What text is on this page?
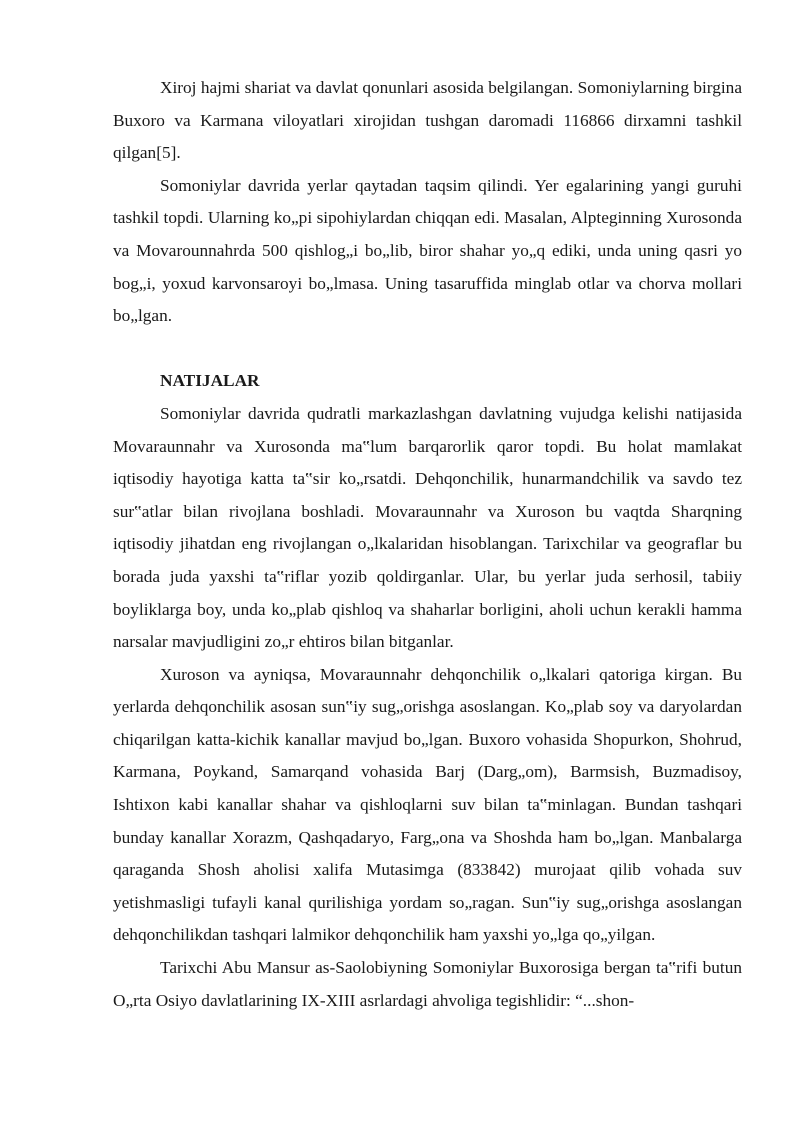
Xiroj hajmi shariat va davlat qonunlari asosida belgilangan. Somoniylarning birgina Buxoro va Karmana viloyatlari xirojidan tushgan daromadi 116866 dirxamni tashkil qilgan[5].

Somoniylar davrida yerlar qaytadan taqsim qilindi. Yer egalarining yangi guruhi tashkil topdi. Ularning ko„pi sipohiylardan chiqqan edi. Masalan, Alpteginning Xurosonda va Movarounnahrda 500 qishlog„i bo„lib, biror shahar yo„q ediki, unda uning qasri yo bog„i, yoxud karvonsaroyi bo„lmasa. Uning tasaruffida minglab otlar va chorva mollari bo„lgan.

NATIJALAR

Somoniylar davrida qudratli markazlashgan davlatning vujudga kelishi natijasida Movaraunnahr va Xurosonda ma‟lum barqarorlik qaror topdi. Bu holat mamlakat iqtisodiy hayotiga katta ta‟sir ko„rsatdi. Dehqonchilik, hunarmandchilik va savdo tez sur‟atlar bilan rivojlana boshladi. Movaraunnahr va Xuroson bu vaqtda Sharqning iqtisodiy jihatdan eng rivojlangan o„lkalaridan hisoblangan. Tarixchilar va geograflar bu borada juda yaxshi ta‟riflar yozib qoldirganlar. Ular, bu yerlar juda serhosil, tabiiy boyliklarga boy, unda ko„plab qishloq va shaharlar borligini, aholi uchun kerakli hamma narsalar mavjudligini zo„r ehtiros bilan bitganlar.

Xuroson va ayniqsa, Movaraunnahr dehqonchilik o„lkalari qatoriga kirgan. Bu yerlarda dehqonchilik asosan sun‟iy sug„orishga asoslangan. Ko„plab soy va daryolardan chiqarilgan katta-kichik kanallar mavjud bo„lgan. Buxoro vohasida Shopurkon, Shohrud, Karmana, Poykand, Samarqand vohasida Barj (Darg„om), Barmsish, Buzmadisoy, Ishtixon kabi kanallar shahar va qishloqlarni suv bilan ta‟minlagan. Bundan tashqari bunday kanallar Xorazm, Qashqadaryo, Farg„ona va Shoshda ham bo„lgan. Manbalarga qaraganda Shosh aholisi xalifa Mutasimga (833842) murojaat qilib vohada suv yetishmasligi tufayli kanal qurilishiga yordam so„ragan. Sun‟iy sug„orishga asoslangan dehqonchilikdan tashqari lalmikor dehqonchilik ham yaxshi yo„lga qo„yilgan.

Tarixchi Abu Mansur as-Saolobiyning Somoniylar Buxorosiga bergan ta‟rifi butun O„rta Osiyo davlatlarining IX-XIII asrlardagi ahvoliga tegishlidir: “...shon-
